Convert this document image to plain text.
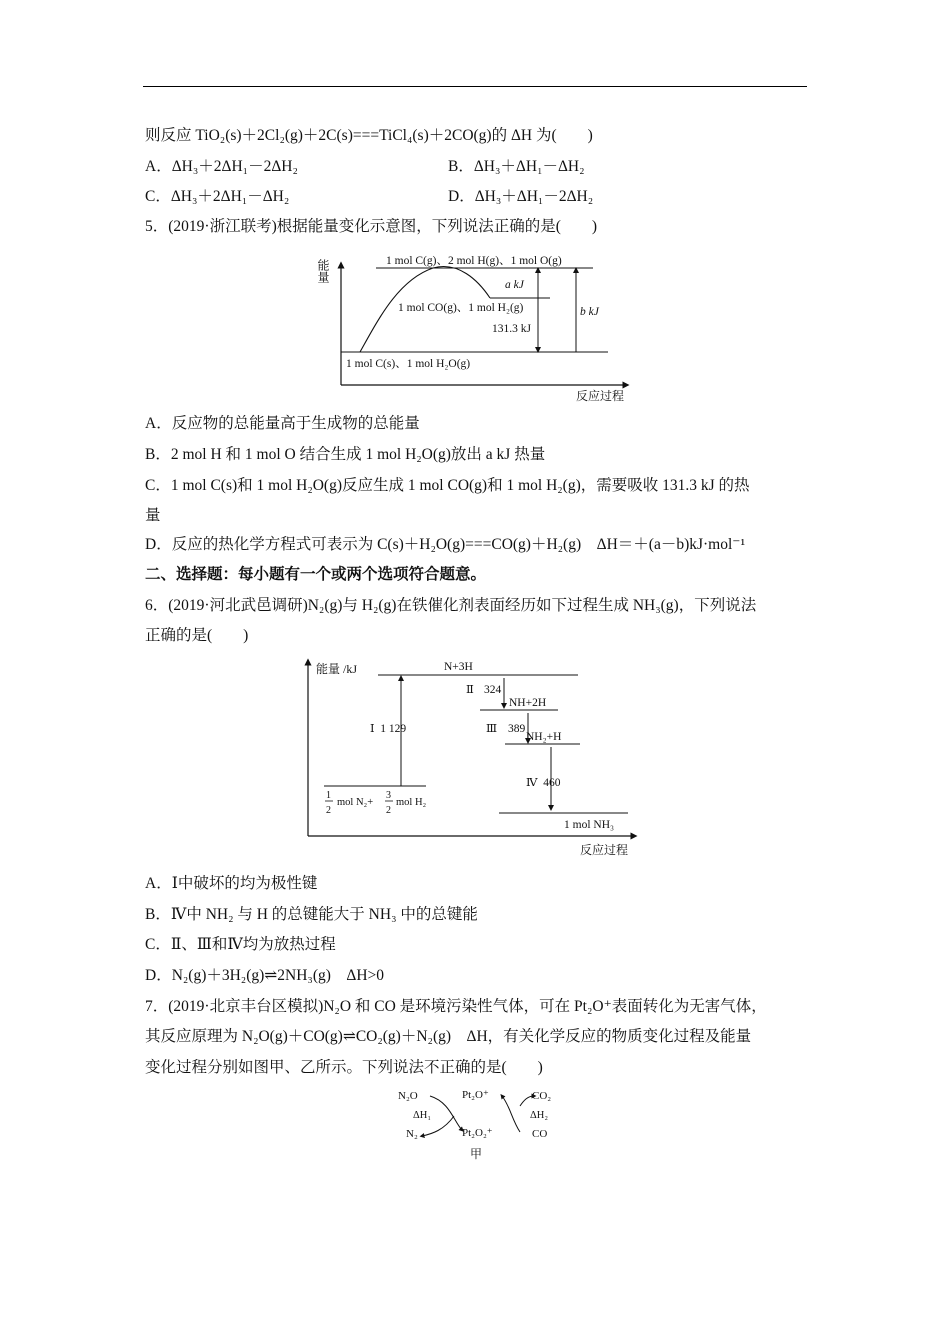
则反应 TiO₂(s)＋2Cl₂(g)＋2C(s)===TiCl₄(s)＋2CO(g)的 ΔH 为(　　)
A．ΔH₃＋2ΔH₁－2ΔH₂	B．ΔH₃＋ΔH₁－ΔH₂
C．ΔH₃＋2ΔH₁－ΔH₂	D．ΔH₃＋ΔH₁－2ΔH₂
5．(2019·浙江联考)根据能量变化示意图，下列说法正确的是(　　)
能量	1 mol C(g)、2 mol H(g)、1 mol O(g)
1 mol CO(g)、1 mol H₂(g)
1 mol C(s)、1 mol H₂O(g)
a kJ
131.3 kJ
b kJ
反应过程
A．反应物的总能量高于生成物的总能量
B．2 mol H 和 1 mol O 结合生成 1 mol H₂O(g)放出 a kJ 热量
C．1 mol C(s)和 1 mol H₂O(g)反应生成 1 mol CO(g)和 1 mol H₂(g)，需要吸收 131.3 kJ 的热
量
D．反应的热化学方程式可表示为 C(s)＋H₂O(g)===CO(g)＋H₂(g)　ΔH＝＋(a－b)kJ·mol⁻¹
二、选择题：每小题有一个或两个选项符合题意。
6．(2019·河北武邑调研)N₂(g)与 H₂(g)在铁催化剂表面经历如下过程生成 NH₃(g)，下列说法
正确的是(　　)
能量 /kJ
反应过程
N+3H
Ⅰ  1 129
1
2
mol N₂+
3
2
mol H₂
Ⅱ 324
NH+2H
Ⅲ 389
NH₂+H
Ⅳ  460
1 mol NH₃
A．Ⅰ中破坏的均为极性键
B．Ⅳ中 NH₂ 与 H 的总键能大于 NH₃ 中的总键能
C．Ⅱ、Ⅲ和Ⅳ均为放热过程
D．N₂(g)＋3H₂(g)⇌2NH₃(g)　ΔH>0
7．(2019·北京丰台区模拟)N₂O 和 CO 是环境污染性气体，可在 Pt₂O⁺表面转化为无害气体，
其反应原理为 N₂O(g)＋CO(g)⇌CO₂(g)＋N₂(g)　ΔH，有关化学反应的物质变化过程及能量
变化过程分别如图甲、乙所示。下列说法不正确的是(　　)
N₂O
ΔH₁
N₂
Pt₂O⁺
Pt₂O₂⁺
CO₂
ΔH₂
CO
甲
